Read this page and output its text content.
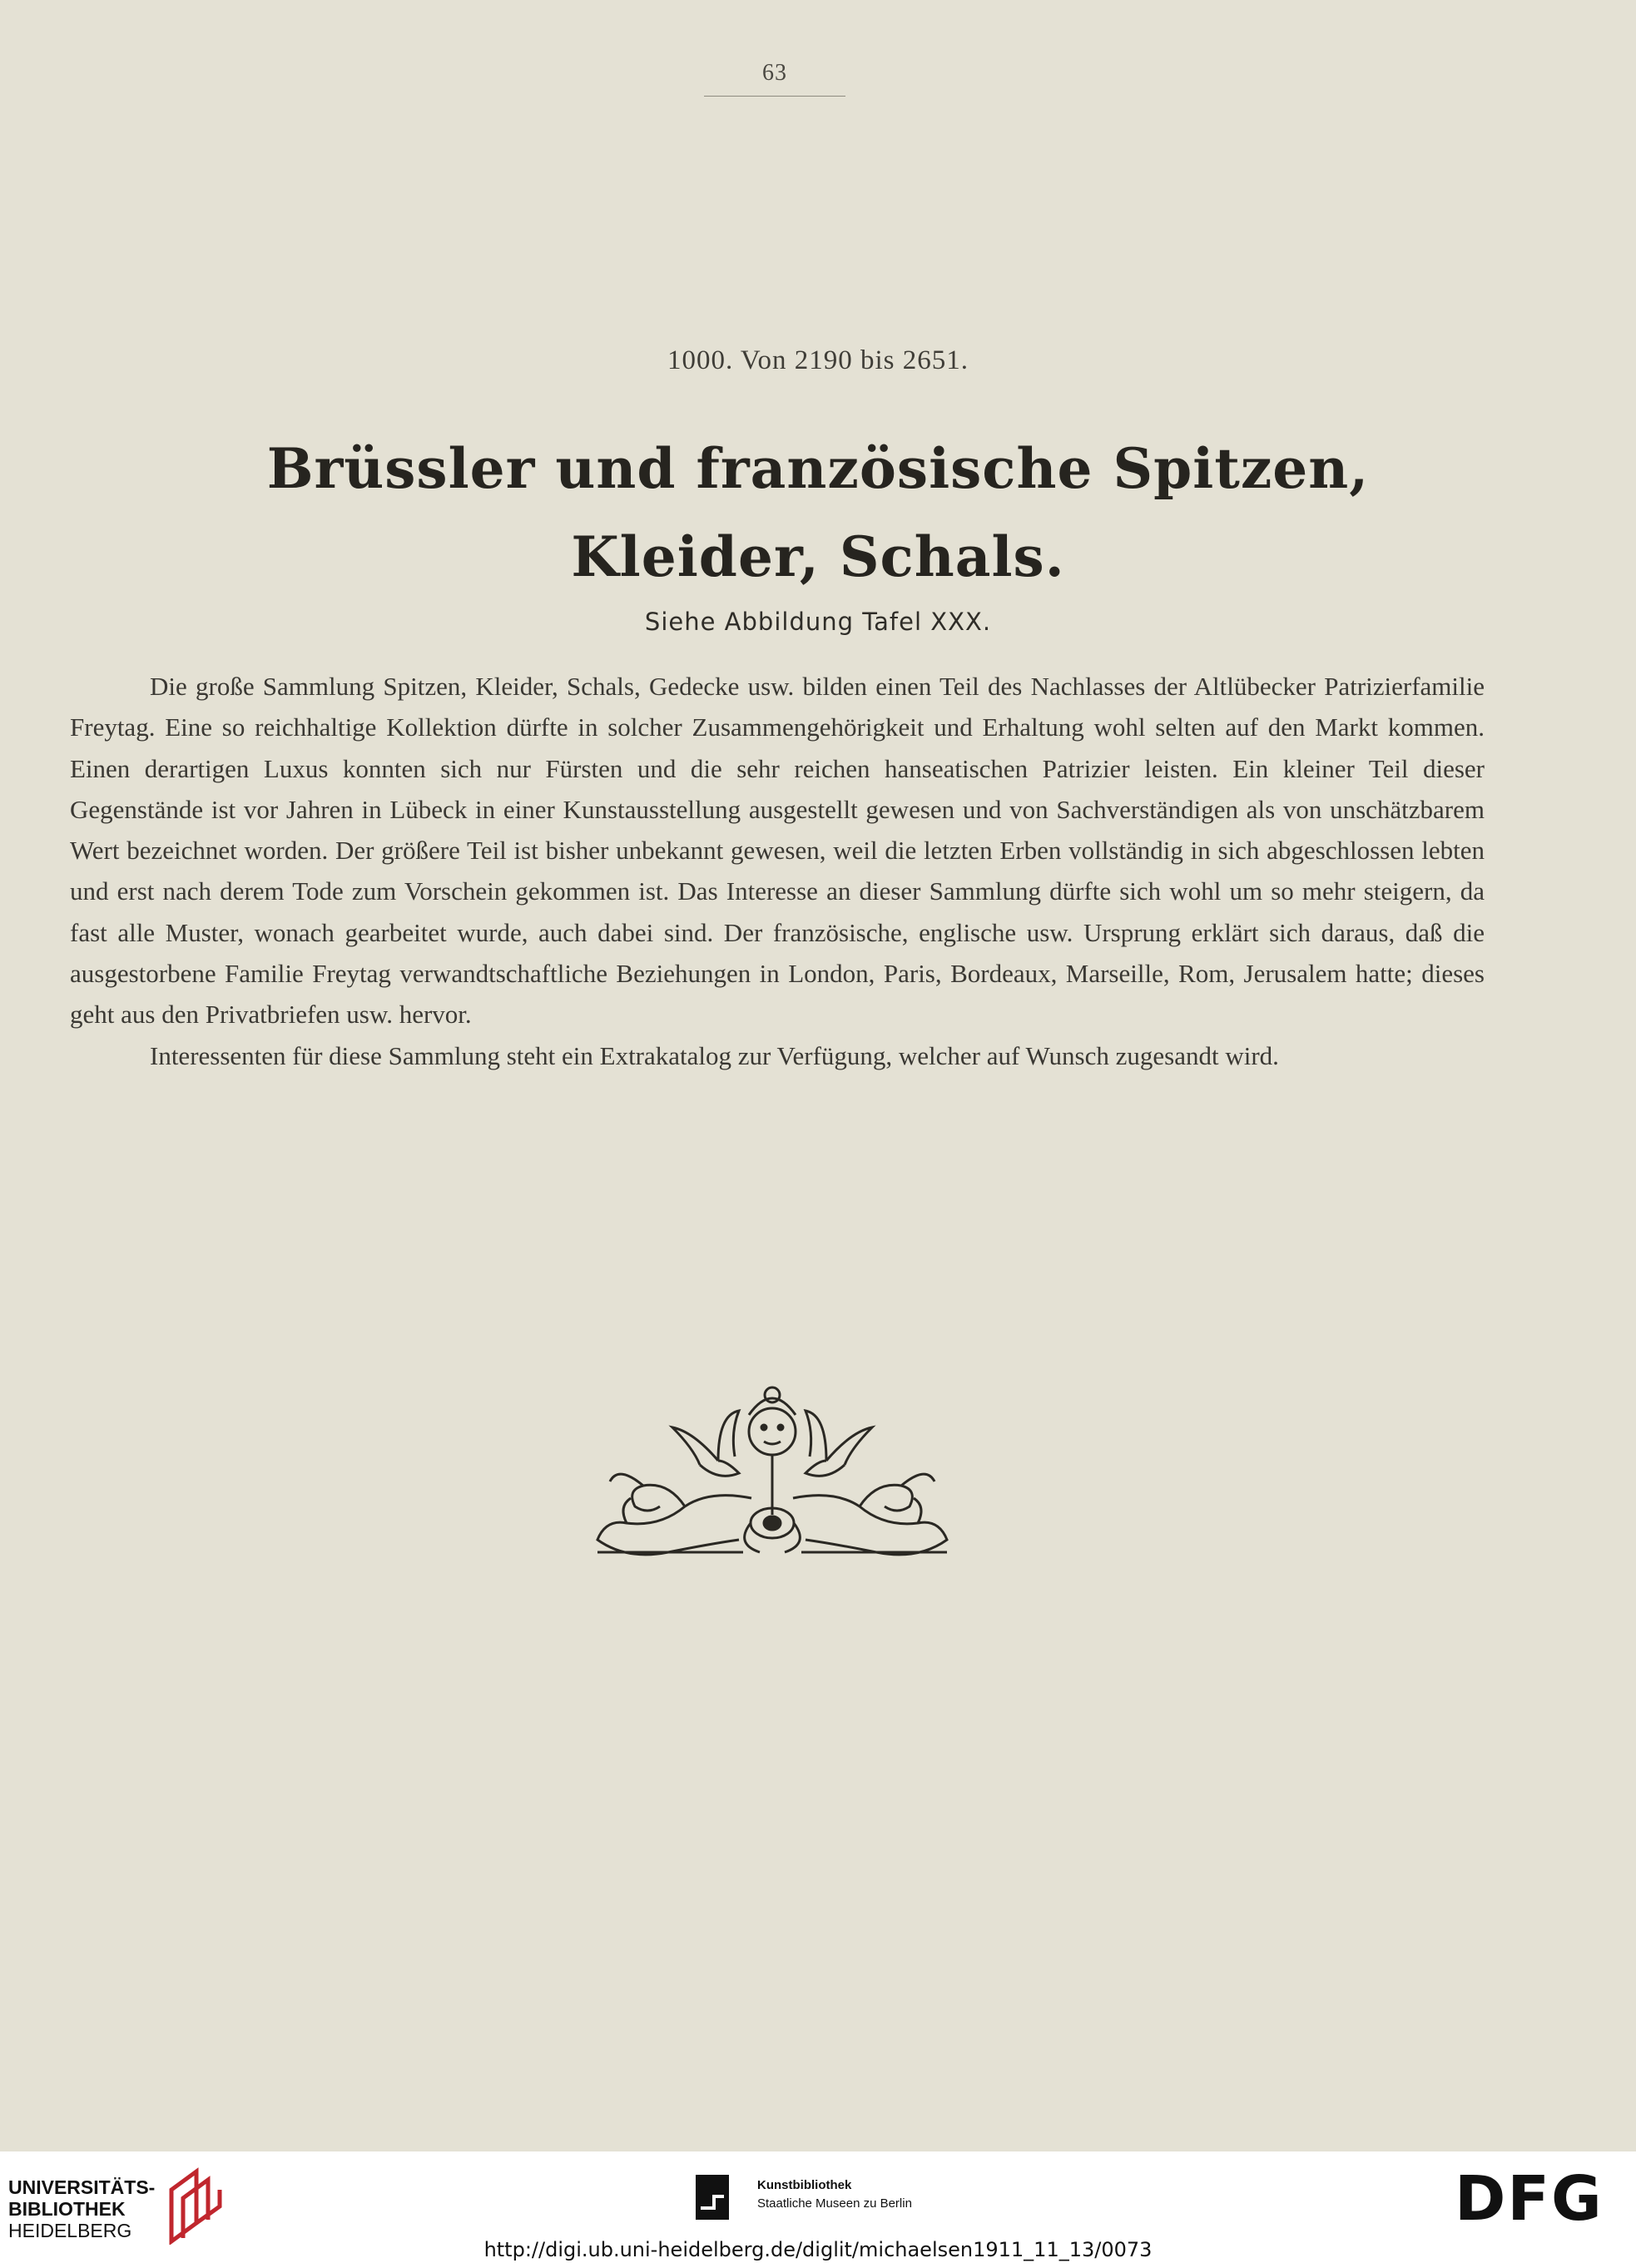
63
1000. Von 2190 bis 2651.
Brüssler und französische Spitzen,
Kleider, Schals.
Siehe Abbildung Tafel XXX.

Die große Sammlung Spitzen, Kleider, Schals, Gedecke usw. bilden einen Teil des Nachlasses der Altlübecker Patrizierfamilie Freytag. Eine so reichhaltige Kollektion dürfte in solcher Zusammengehörigkeit und Erhaltung wohl selten auf den Markt kommen. Einen derartigen Luxus konnten sich nur Fürsten und die sehr reichen hanseatischen Patrizier leisten. Ein kleiner Teil dieser Gegenstände ist vor Jahren in Lübeck in einer Kunstausstellung ausgestellt gewesen und von Sachverständigen als von unschätzbarem Wert bezeichnet worden. Der größere Teil ist bisher unbekannt gewesen, weil die letzten Erben vollständig in sich abgeschlossen lebten und erst nach derem Tode zum Vorschein gekommen ist. Das Interesse an dieser Sammlung dürfte sich wohl um so mehr steigern, da fast alle Muster, wonach gearbeitet wurde, auch dabei sind. Der französische, englische usw. Ursprung erklärt sich daraus, daß die ausgestorbene Familie Freytag verwandtschaftliche Beziehungen in London, Paris, Bordeaux, Marseille, Rom, Jerusalem hatte; dieses geht aus den Privatbriefen usw. hervor.

Interessenten für diese Sammlung steht ein Extrakatalog zur Verfügung, welcher auf Wunsch zugesandt wird.

UNIVERSITÄTS-
BIBLIOTHEK
HEIDELBERG
Kunstbibliothek
Staatliche Museen zu Berlin	DFG
http://digi.ub.uni-heidelberg.de/diglit/michaelsen1911_11_13/0073
